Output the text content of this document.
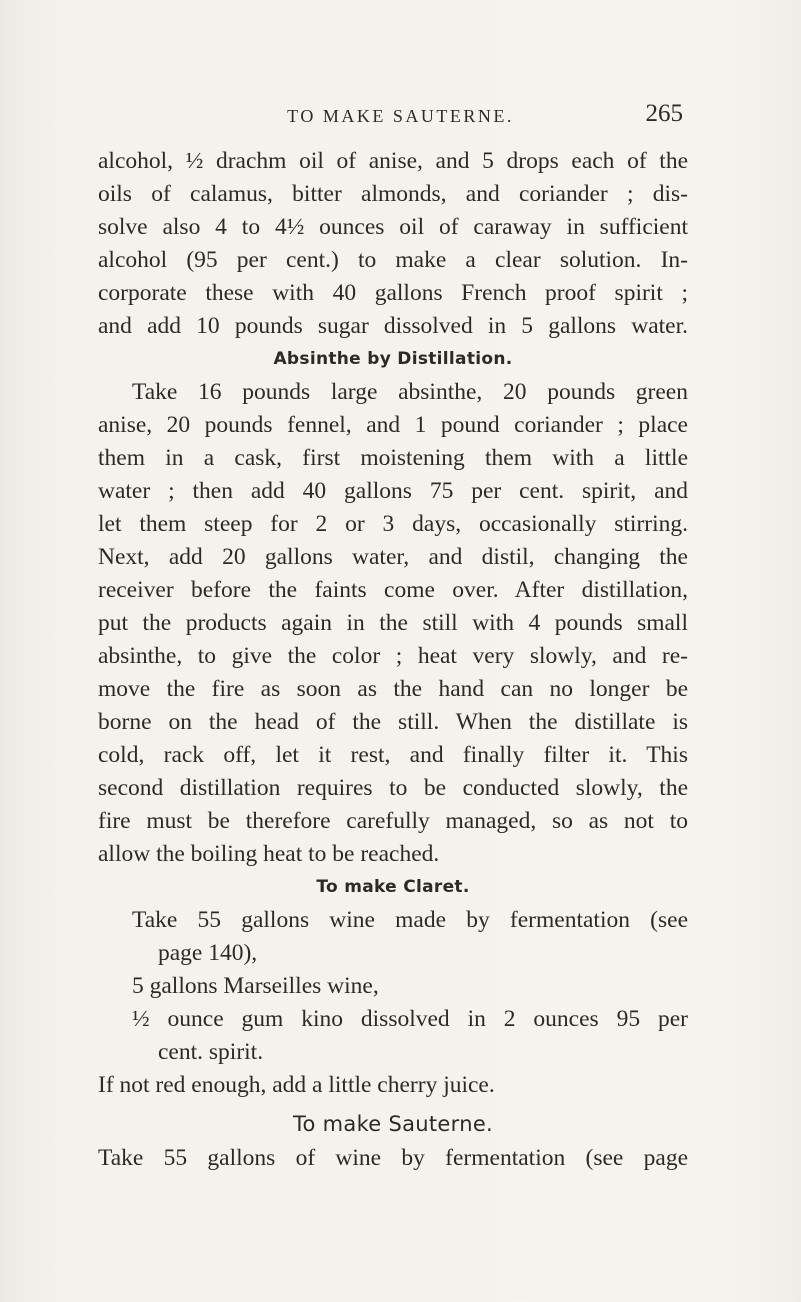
TO MAKE SAUTERNE.	265
alcohol, ½ drachm oil of anise, and 5 drops each of the
oils of calamus, bitter almonds, and coriander ; dis-
solve also 4 to 4½ ounces oil of caraway in sufficient
alcohol (95 per cent.) to make a clear solution. In-
corporate these with 40 gallons French proof spirit ;
and add 10 pounds sugar dissolved in 5 gallons water.
Absinthe by Distillation.
Take 16 pounds large absinthe, 20 pounds green
anise, 20 pounds fennel, and 1 pound coriander ; place
them in a cask, first moistening them with a little
water ; then add 40 gallons 75 per cent. spirit, and
let them steep for 2 or 3 days, occasionally stirring.
Next, add 20 gallons water, and distil, changing the
receiver before the faints come over. After distillation,
put the products again in the still with 4 pounds small
absinthe, to give the color ; heat very slowly, and re-
move the fire as soon as the hand can no longer be
borne on the head of the still. When the distillate is
cold, rack off, let it rest, and finally filter it. This
second distillation requires to be conducted slowly, the
fire must be therefore carefully managed, so as not to
allow the boiling heat to be reached.
To make Claret.
Take 55 gallons wine made by fermentation (see
page 140),
5 gallons Marseilles wine,
½ ounce gum kino dissolved in 2 ounces 95 per
cent. spirit.
If not red enough, add a little cherry juice.
To make Sauterne.
Take 55 gallons of wine by fermentation (see page
